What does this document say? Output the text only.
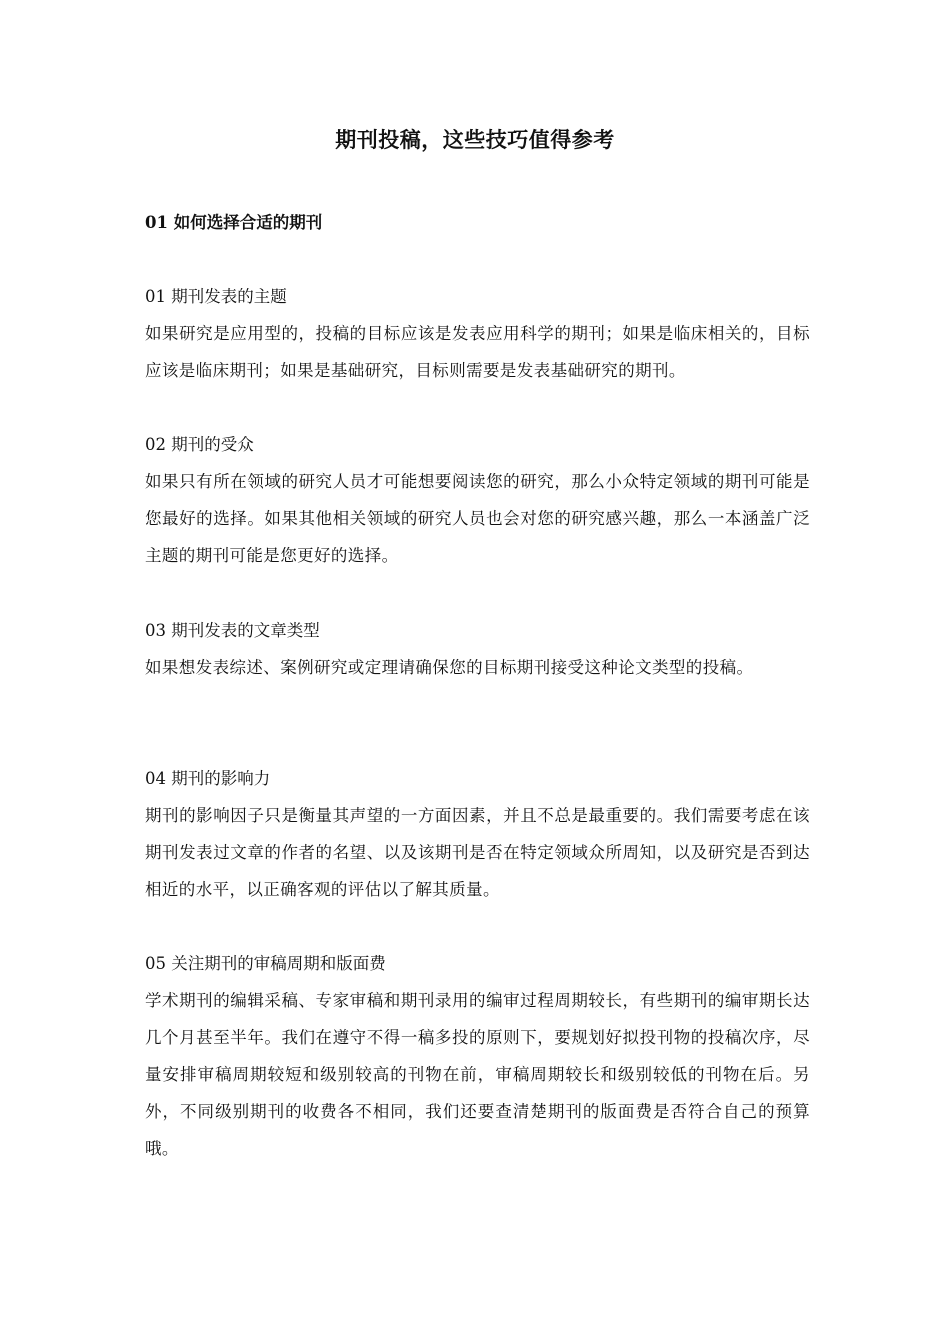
期刊投稿，这些技巧值得参考
01 如何选择合适的期刊

01 期刊发表的主题

如果研究是应用型的，投稿的目标应该是发表应用科学的期刊；如果是临床相关的，目标应该是临床期刊；如果是基础研究，目标则需要是发表基础研究的期刊。

02 期刊的受众

如果只有所在领域的研究人员才可能想要阅读您的研究，那么小众特定领域的期刊可能是您最好的选择。如果其他相关领域的研究人员也会对您的研究感兴趣，那么一本涵盖广泛主题的期刊可能是您更好的选择。

03 期刊发表的文章类型

如果想发表综述、案例研究或定理请确保您的目标期刊接受这种论文类型的投稿。

04 期刊的影响力

期刊的影响因子只是衡量其声望的一方面因素，并且不总是最重要的。我们需要考虑在该期刊发表过文章的作者的名望、以及该期刊是否在特定领域众所周知，以及研究是否到达相近的水平，以正确客观的评估以了解其质量。

05 关注期刊的审稿周期和版面费

学术期刊的编辑采稿、专家审稿和期刊录用的编审过程周期较长，有些期刊的编审期长达几个月甚至半年。我们在遵守不得一稿多投的原则下，要规划好拟投刊物的投稿次序，尽量安排审稿周期较短和级别较高的刊物在前，审稿周期较长和级别较低的刊物在后。另外，不同级别期刊的收费各不相同，我们还要查清楚期刊的版面费是否符合自己的预算哦。
